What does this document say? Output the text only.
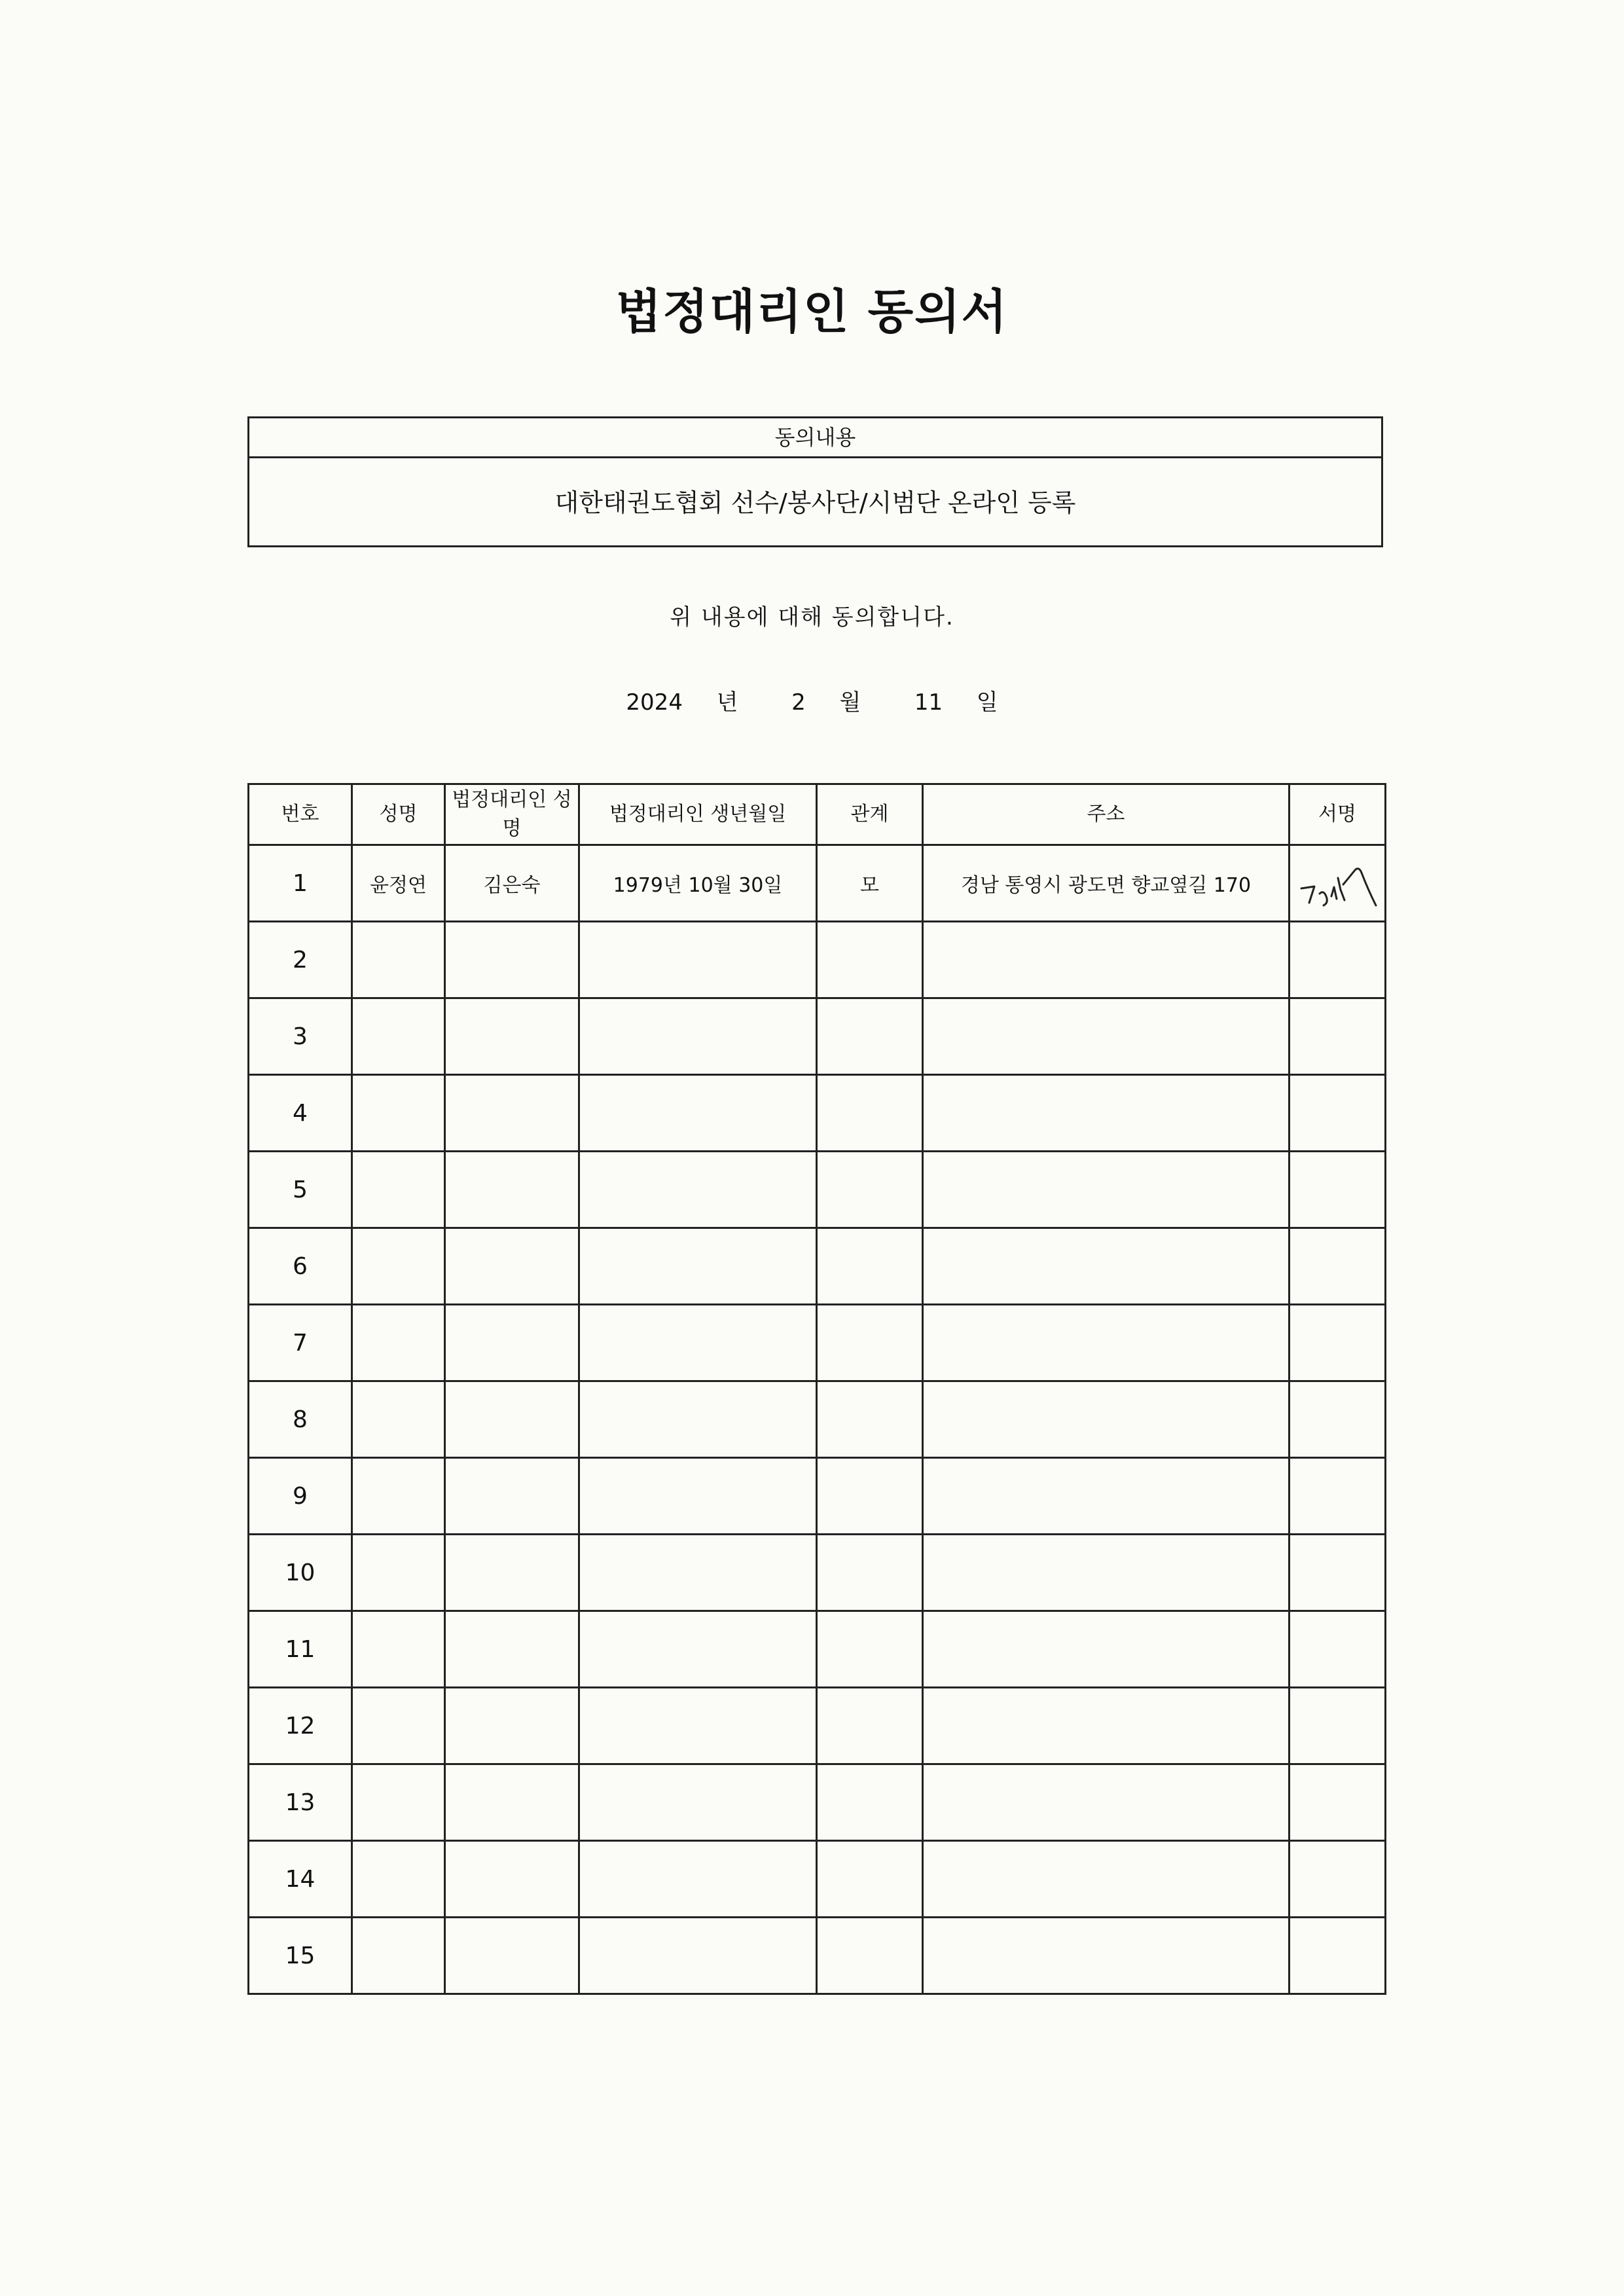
법정대리인 동의서
동의내용
대한태권도협회 선수/봉사단/시범단 온라인 등록
위 내용에 대해 동의합니다.
2024 년 2 월 11 일
번호	성명	법정대리인 성명	법정대리인 생년월일	관계	주소	서명
1	윤정연	김은숙	1979년 10월 30일	모	경남 통영시 광도면 향교옆길 170	

2						
3						
4						
5						
6						
7						
8						
9						
10						
11						
12						
13						
14						
15						
